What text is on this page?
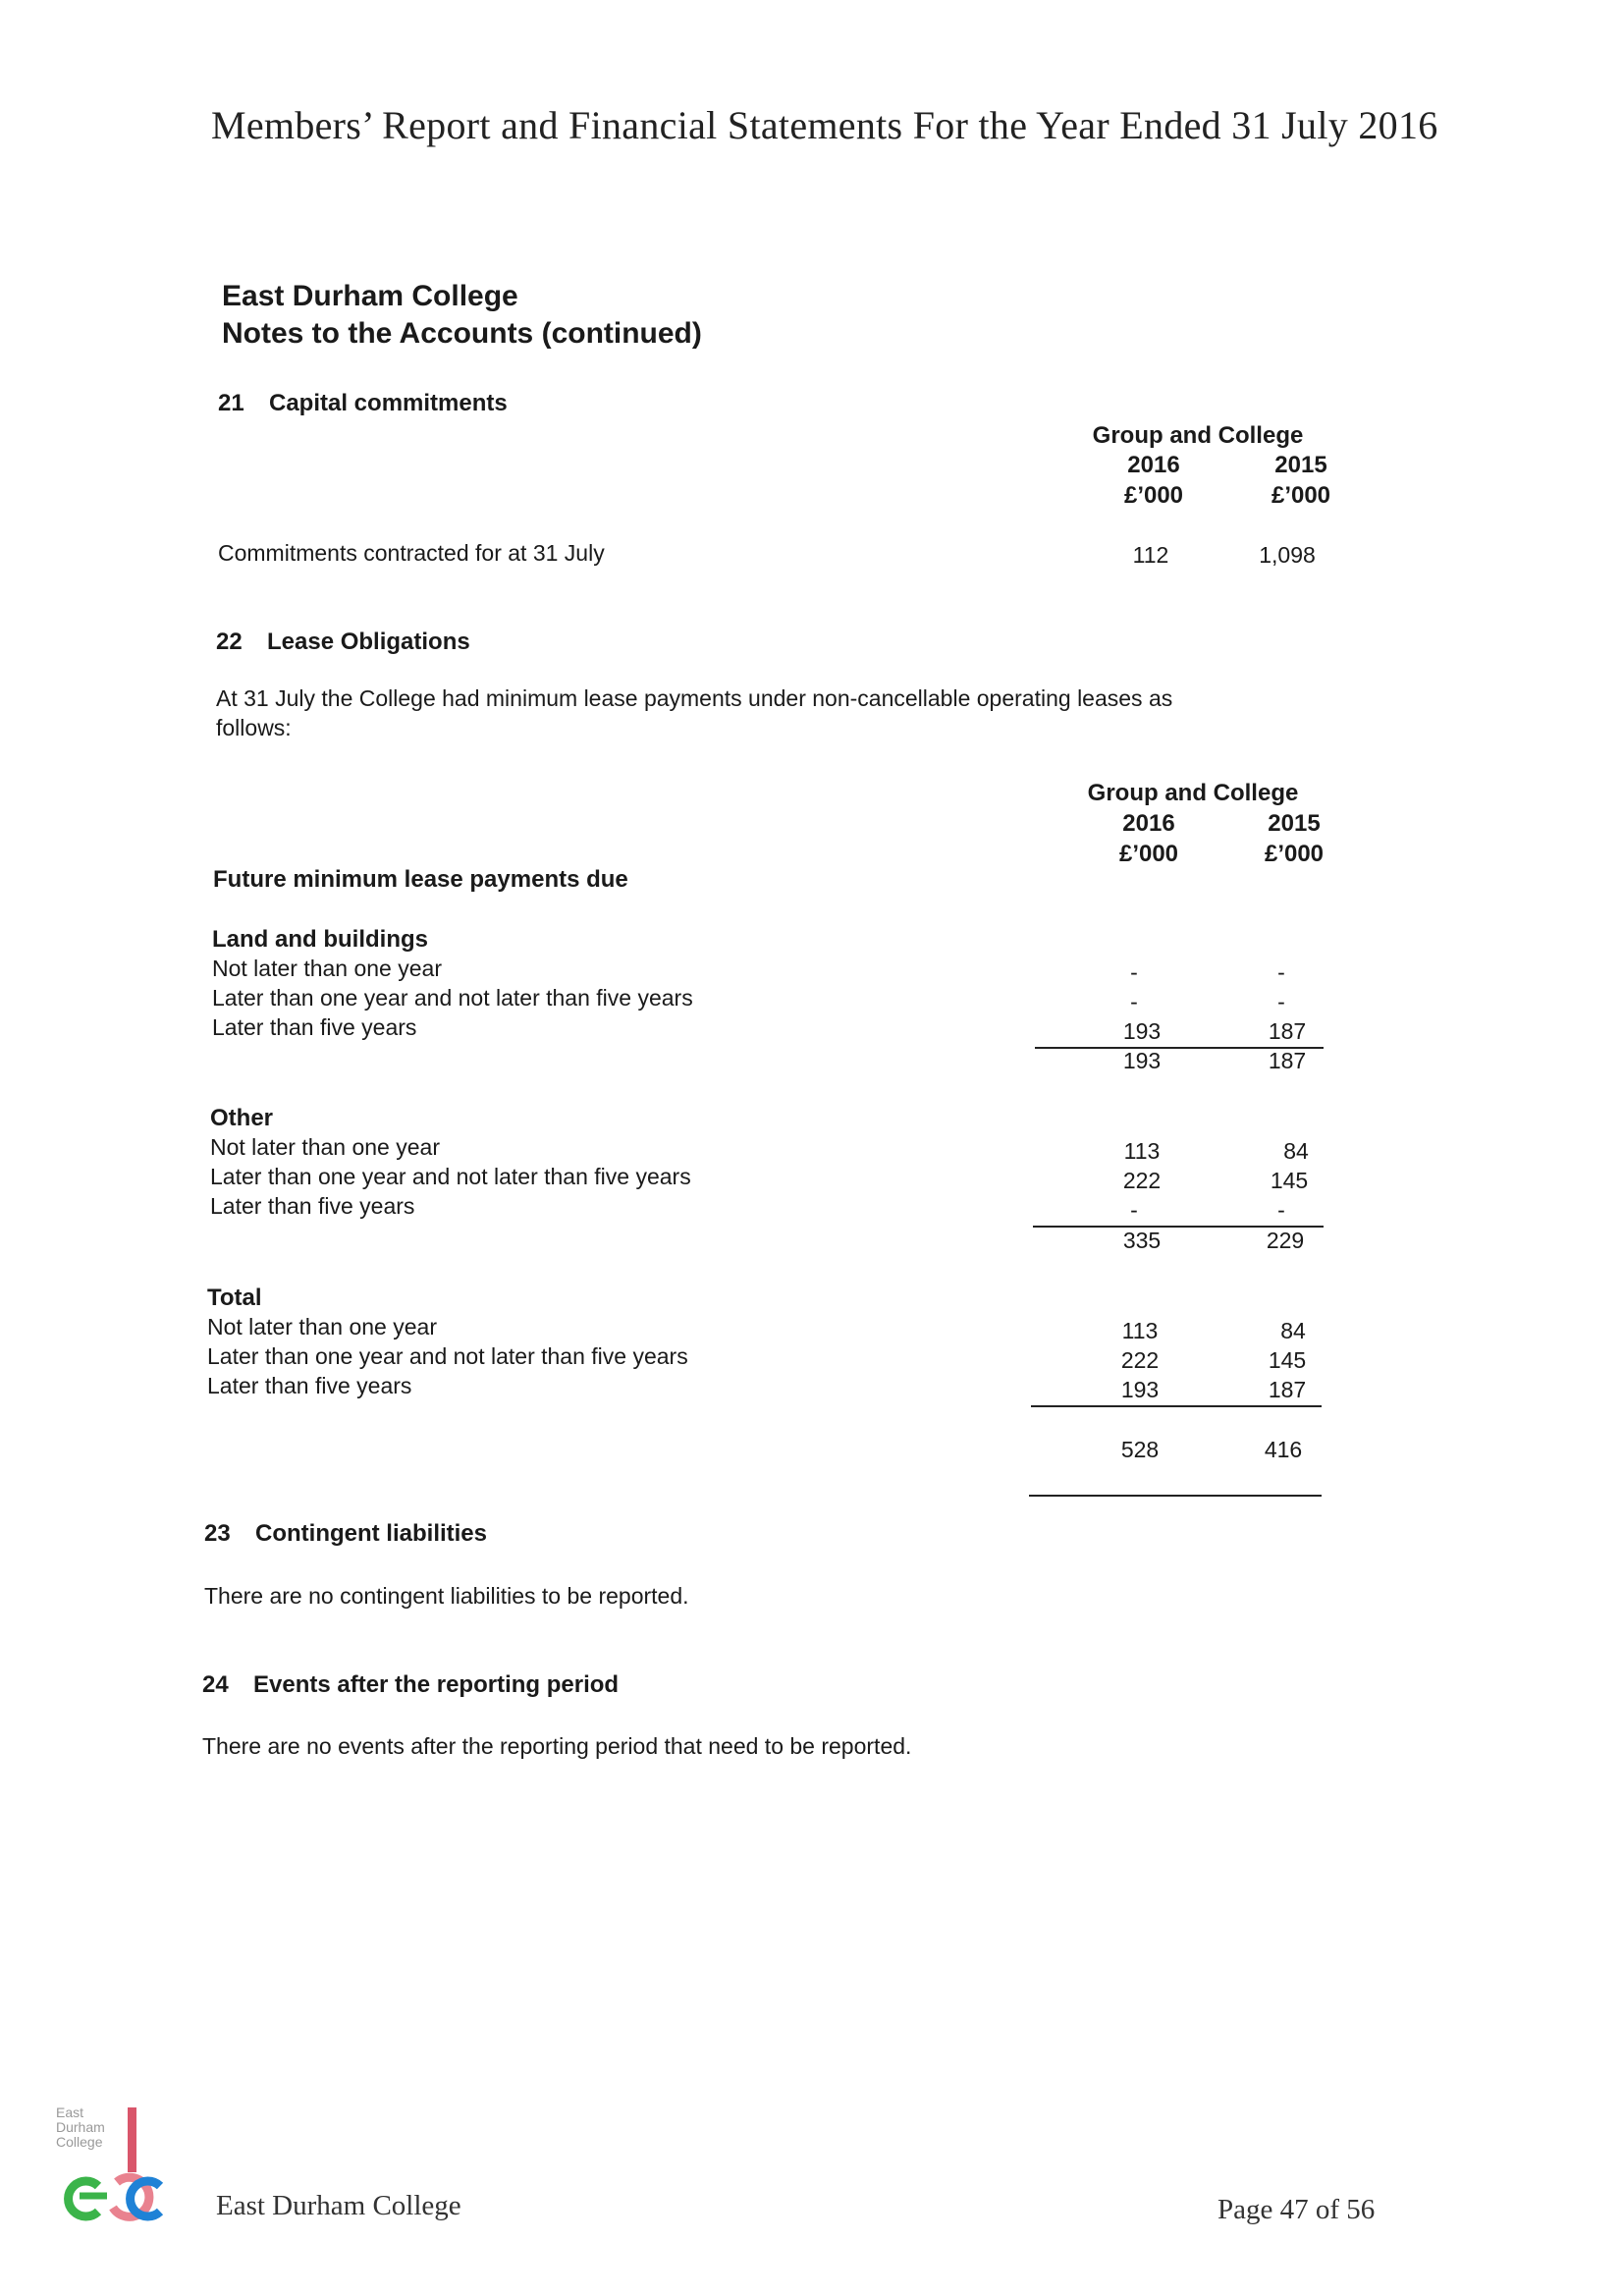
Members’ Report and Financial Statements For the Year Ended 31 July 2016
East Durham College
Notes to the Accounts (continued)
21 Capital commitments
Group and College
2016	2015
£’000	£’000
Commitments contracted for at 31 July	112	1,098
22 Lease Obligations
At 31 July the College had minimum lease payments under non-cancellable operating leases as
follows:
Group and College
2016	2015
£’000	£’000
Future minimum lease payments due
Land and buildings
Not later than one year	-	-
Later than one year and not later than five years	-	-
Later than five years	193	187
193	187
Other
Not later than one year	113	84
Later than one year and not later than five years	222	145
Later than five years	-	-
335	229
Total
Not later than one year	113	84
Later than one year and not later than five years	222	145
Later than five years	193	187
528	416
23 Contingent liabilities
There are no contingent liabilities to be reported.
24 Events after the reporting period
There are no events after the reporting period that need to be reported.
East
Durham
College
East Durham College	Page 47 of 56
